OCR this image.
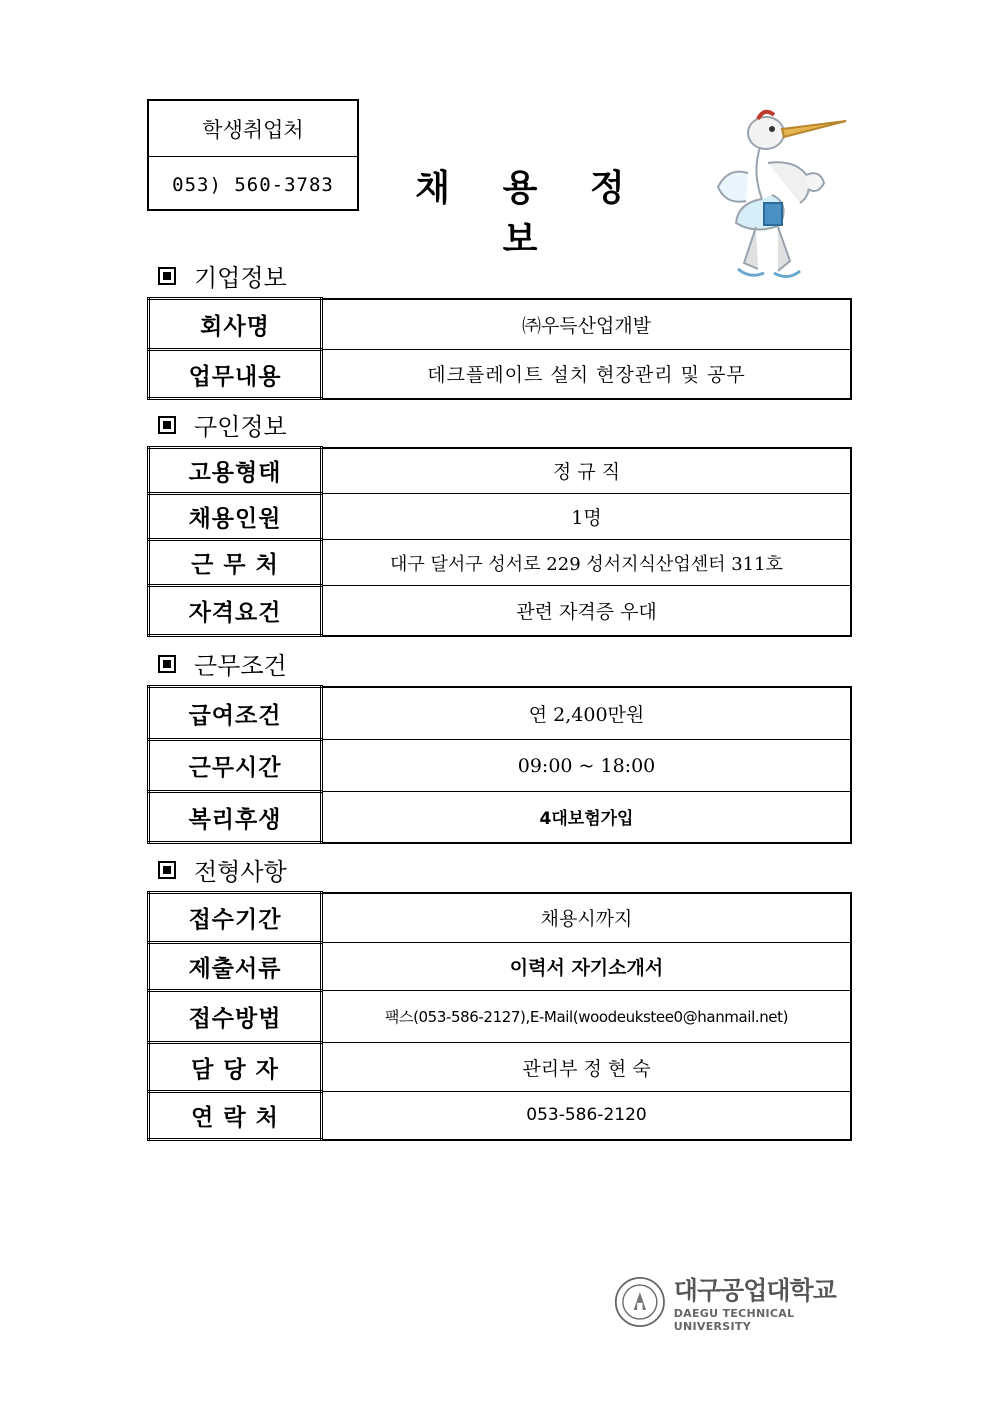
학생취업처
053) 560-3783	채 용 정 보
기업정보
회사명	㈜우득산업개발
업무내용	데크플레이트 설치 현장관리 및 공무
구인정보
고용형태	정 규 직
채용인원	1명
근 무 처	대구 달서구 성서로 229 성서지식산업센터 311호
자격요건	관련 자격증 우대
근무조건
급여조건	연 2,400만원
근무시간	09:00 ~ 18:00
복리후생	4대보험가입
전형사항
접수기간	채용시까지
제출서류	이력서 자기소개서
접수방법	팩스(053-586-2127),E-Mail(woodeukstee0@hanmail.net)
담 당 자	관리부 정 현 숙
연 락 처	053-586-2120
대구공업대학교
DAEGU TECHNICAL UNIVERSITY
